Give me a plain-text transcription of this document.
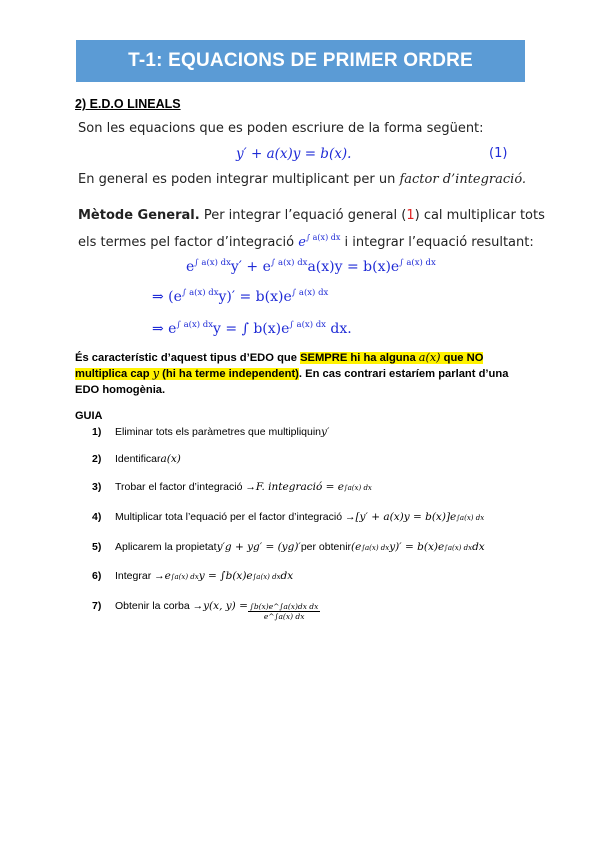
T-1: EQUACIONS DE PRIMER ORDRE
2) E.D.O LINEALS
Son les equacions que es poden escriure de la forma següent:
y′ + a(x)y = b(x).	(1)
En general es poden integrar multiplicant per un factor d’integració.
Mètode General. Per integrar l’equació general (1) cal multiplicar tots
els termes pel factor d’integració $e^{\int a(x) dx}$ i integrar l’equació resultant:
$e^{\int a(x) dx}y' + e^{\int a(x) dx}a(x)y = b(x)e^{\int a(x) dx}$
⇒ $(e^{\int a(x) dx}y)' = b(x)e^{\int a(x) dx}$
⇒ $e^{\int a(x) dx}y$ = ∫ $b(x)e^{\int a(x) dx}$ dx.
És característic d’aquest tipus d’EDO que SEMPRE hi ha alguna a(x) que NO multiplica cap y (hi ha terme independent). En cas contrari estaríem parlant d’una EDO homogènia.
GUIA
1)	Eliminar tots els paràmetres que multipliquin y′
2)	Identificar a(x)
3)	Trobar el factor d’integració → F. integració = e ∫a(x) dx
4)	Multiplicar tota l’equació per el factor d’integració → [y′ + a(x)y = b(x)]e ∫a(x) dx
5)	Aplicarem la propietat y′g + yg′ = (yg)′ per obtenir (e ∫a(x) dx y)′ = b(x)e ∫a(x) dx dx
6)	Integrar → e ∫a(x) dx y = ∫b(x)e ∫a(x) dx dx
7)	Obtenir la corba → y(x, $y) = \frac{\text{∫b(x)e\textasciicircum{}∫a(x)dx dx}}{e\^{}\int a(x) dx}$
